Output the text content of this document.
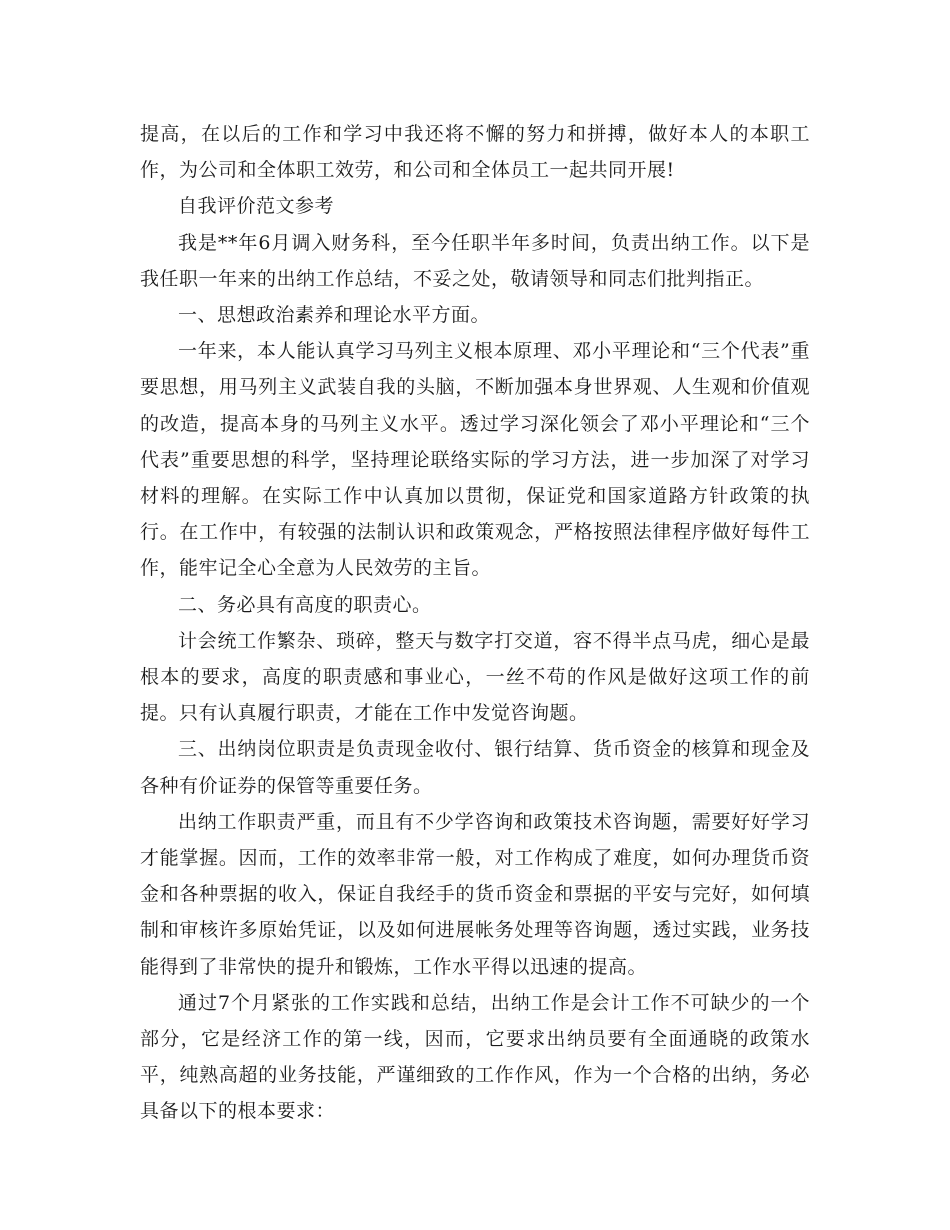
提高，在以后的工作和学习中我还将不懈的努力和拼搏，做好本人的本职工作，为公司和全体职工效劳，和公司和全体员工一起共同开展!

自我评价范文参考

我是**年6月调入财务科，至今任职半年多时间，负责出纳工作。以下是我任职一年来的出纳工作总结，不妥之处，敬请领导和同志们批判指正。

一、思想政治素养和理论水平方面。

一年来，本人能认真学习马列主义根本原理、邓小平理论和“三个代表”重要思想，用马列主义武装自我的头脑，不断加强本身世界观、人生观和价值观的改造，提高本身的马列主义水平。透过学习深化领会了邓小平理论和“三个代表”重要思想的科学，坚持理论联络实际的学习方法，进一步加深了对学习材料的理解。在实际工作中认真加以贯彻，保证党和国家道路方针政策的执行。在工作中，有较强的法制认识和政策观念，严格按照法律程序做好每件工作，能牢记全心全意为人民效劳的主旨。

二、务必具有高度的职责心。

计会统工作繁杂、琐碎，整天与数字打交道，容不得半点马虎，细心是最根本的要求，高度的职责感和事业心，一丝不苟的作风是做好这项工作的前提。只有认真履行职责，才能在工作中发觉咨询题。

三、出纳岗位职责是负责现金收付、银行结算、货币资金的核算和现金及各种有价证券的保管等重要任务。

出纳工作职责严重，而且有不少学咨询和政策技术咨询题，需要好好学习才能掌握。因而，工作的效率非常一般，对工作构成了难度，如何办理货币资金和各种票据的收入，保证自我经手的货币资金和票据的平安与完好，如何填制和审核许多原始凭证，以及如何进展帐务处理等咨询题，透过实践，业务技能得到了非常快的提升和锻炼，工作水平得以迅速的提高。

通过7个月紧张的工作实践和总结，出纳工作是会计工作不可缺少的一个部分，它是经济工作的第一线，因而，它要求出纳员要有全面通晓的政策水平，纯熟高超的业务技能，严谨细致的工作作风，作为一个合格的出纳，务必具备以下的根本要求：
